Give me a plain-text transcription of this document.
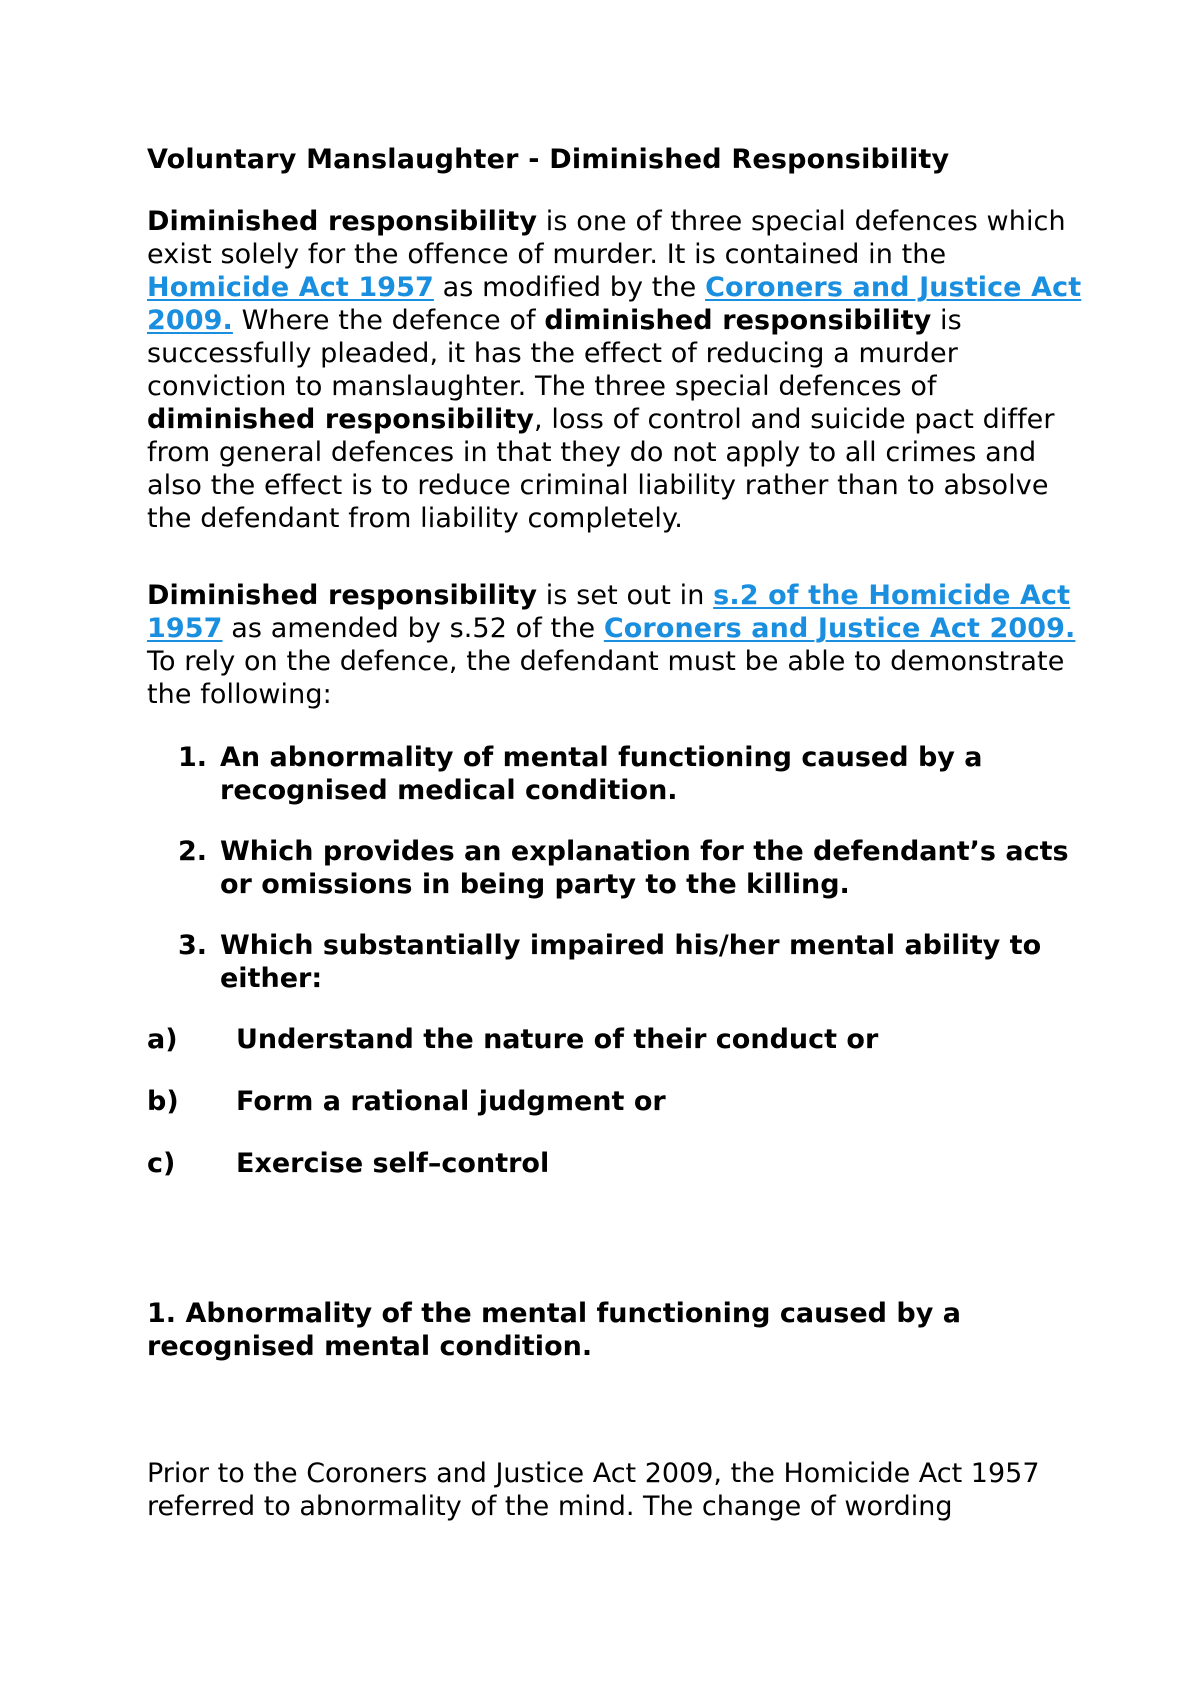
Voluntary Manslaughter - Diminished Responsibility

Diminished responsibility is one of three special defences which exist solely for the offence of murder. It is contained in the Homicide Act 1957 as modified by the Coroners and Justice Act 2009. Where the defence of diminished responsibility is successfully pleaded, it has the effect of reducing a murder conviction to manslaughter. The three special defences of diminished responsibility, loss of control and suicide pact differ from general defences in that they do not apply to all crimes and also the effect is to reduce criminal liability rather than to absolve the defendant from liability completely.

Diminished responsibility is set out in s.2 of the Homicide Act 1957 as amended by s.52 of the Coroners and Justice Act 2009. To rely on the defence, the defendant must be able to demonstrate the following:

1. An abnormality of mental functioning caused by a recognised medical condition.
2. Which provides an explanation for the defendant’s acts or omissions in being party to the killing.
3. Which substantially impaired his/her mental ability to either:
a) Understand the nature of their conduct or
b) Form a rational judgment or
c) Exercise self–control

1. Abnormality of the mental functioning caused by a recognised mental condition.

Prior to the Coroners and Justice Act 2009, the Homicide Act 1957 referred to abnormality of the mind. The change of wording
